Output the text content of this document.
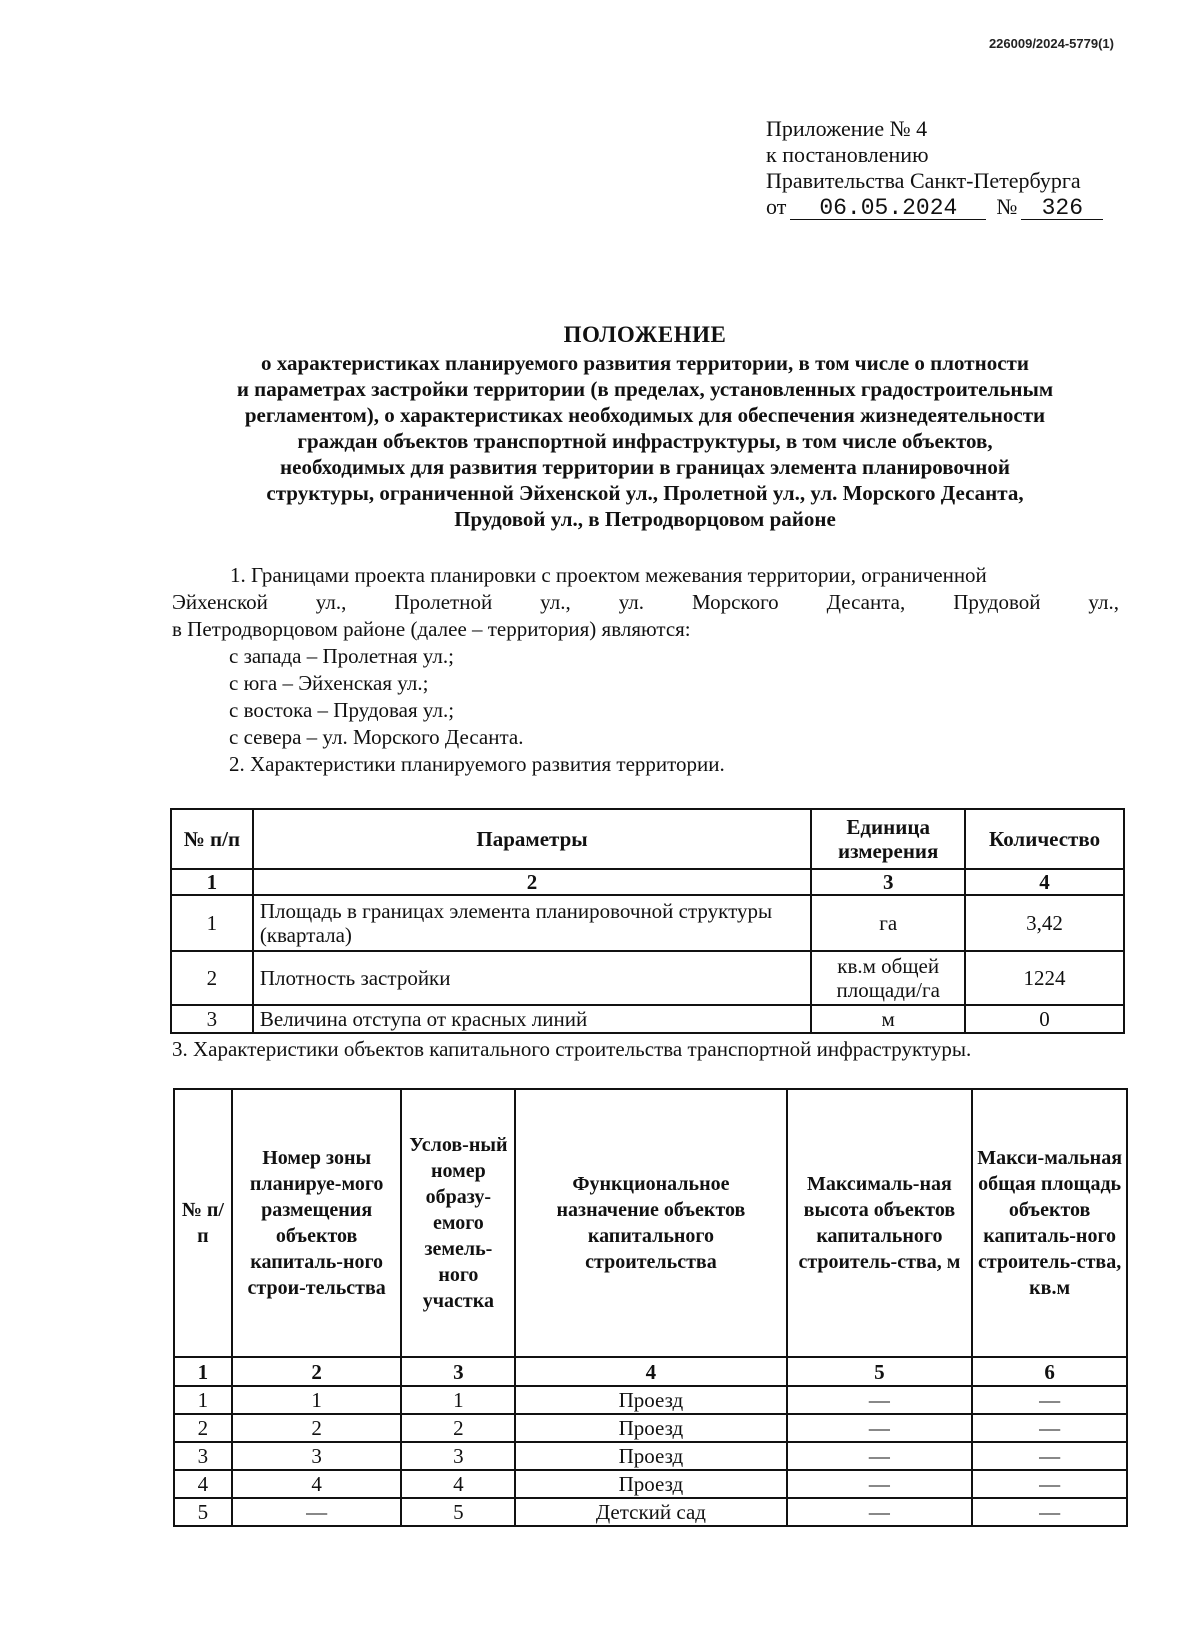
226009/2024-5779(1)
Приложение № 4
к постановлению
Правительства Санкт-Петербурга
от 06.05.2024 № 326
ПОЛОЖЕНИЕ
о характеристиках планируемого развития территории, в том числе о плотности
и параметрах застройки территории (в пределах, установленных градостроительным
регламентом), о характеристиках необходимых для обеспечения жизнедеятельности
граждан объектов транспортной инфраструктуры, в том числе объектов,
необходимых для развития территории в границах элемента планировочной
структуры, ограниченной Эйхенской ул., Пролетной ул., ул. Морского Десанта,
Прудовой ул., в Петродворцовом районе
1. Границами проекта планировки с проектом межевания территории, ограниченной
Эйхенской ул., Пролетной ул., ул. Морского Десанта, Прудовой ул.,
в Петродворцовом районе (далее – территория) являются:
с запада – Пролетная ул.;
с юга – Эйхенская ул.;
с востока – Прудовая ул.;
с севера – ул. Морского Десанта.
2. Характеристики планируемого развития территории.
№ п/п	Параметры	Единица измерения	Количество
1	2	3	4
1	Площадь в границах элемента планировочной структуры (квартала)	га	3,42
2	Плотность застройки	кв.м общей площади/га	1224
3	Величина отступа от красных линий	м	0
3. Характеристики объектов капитального строительства транспортной инфраструктуры.
№ п/п	Номер зоны планируе-мого размещения объектов капиталь-ного строи-тельства	Услов-ный номер образу-емого земель-ного участка	Функциональное назначение объектов капитального строительства	Максималь-ная высота объектов капитального строитель-ства, м	Макси-мальная общая площадь объектов капиталь-ного строитель-ства, кв.м
1	2	3	4	5	6
1	1	1	Проезд	—	—
2	2	2	Проезд	—	—
3	3	3	Проезд	—	—
4	4	4	Проезд	—	—
5	—	5	Детский сад	—	—
